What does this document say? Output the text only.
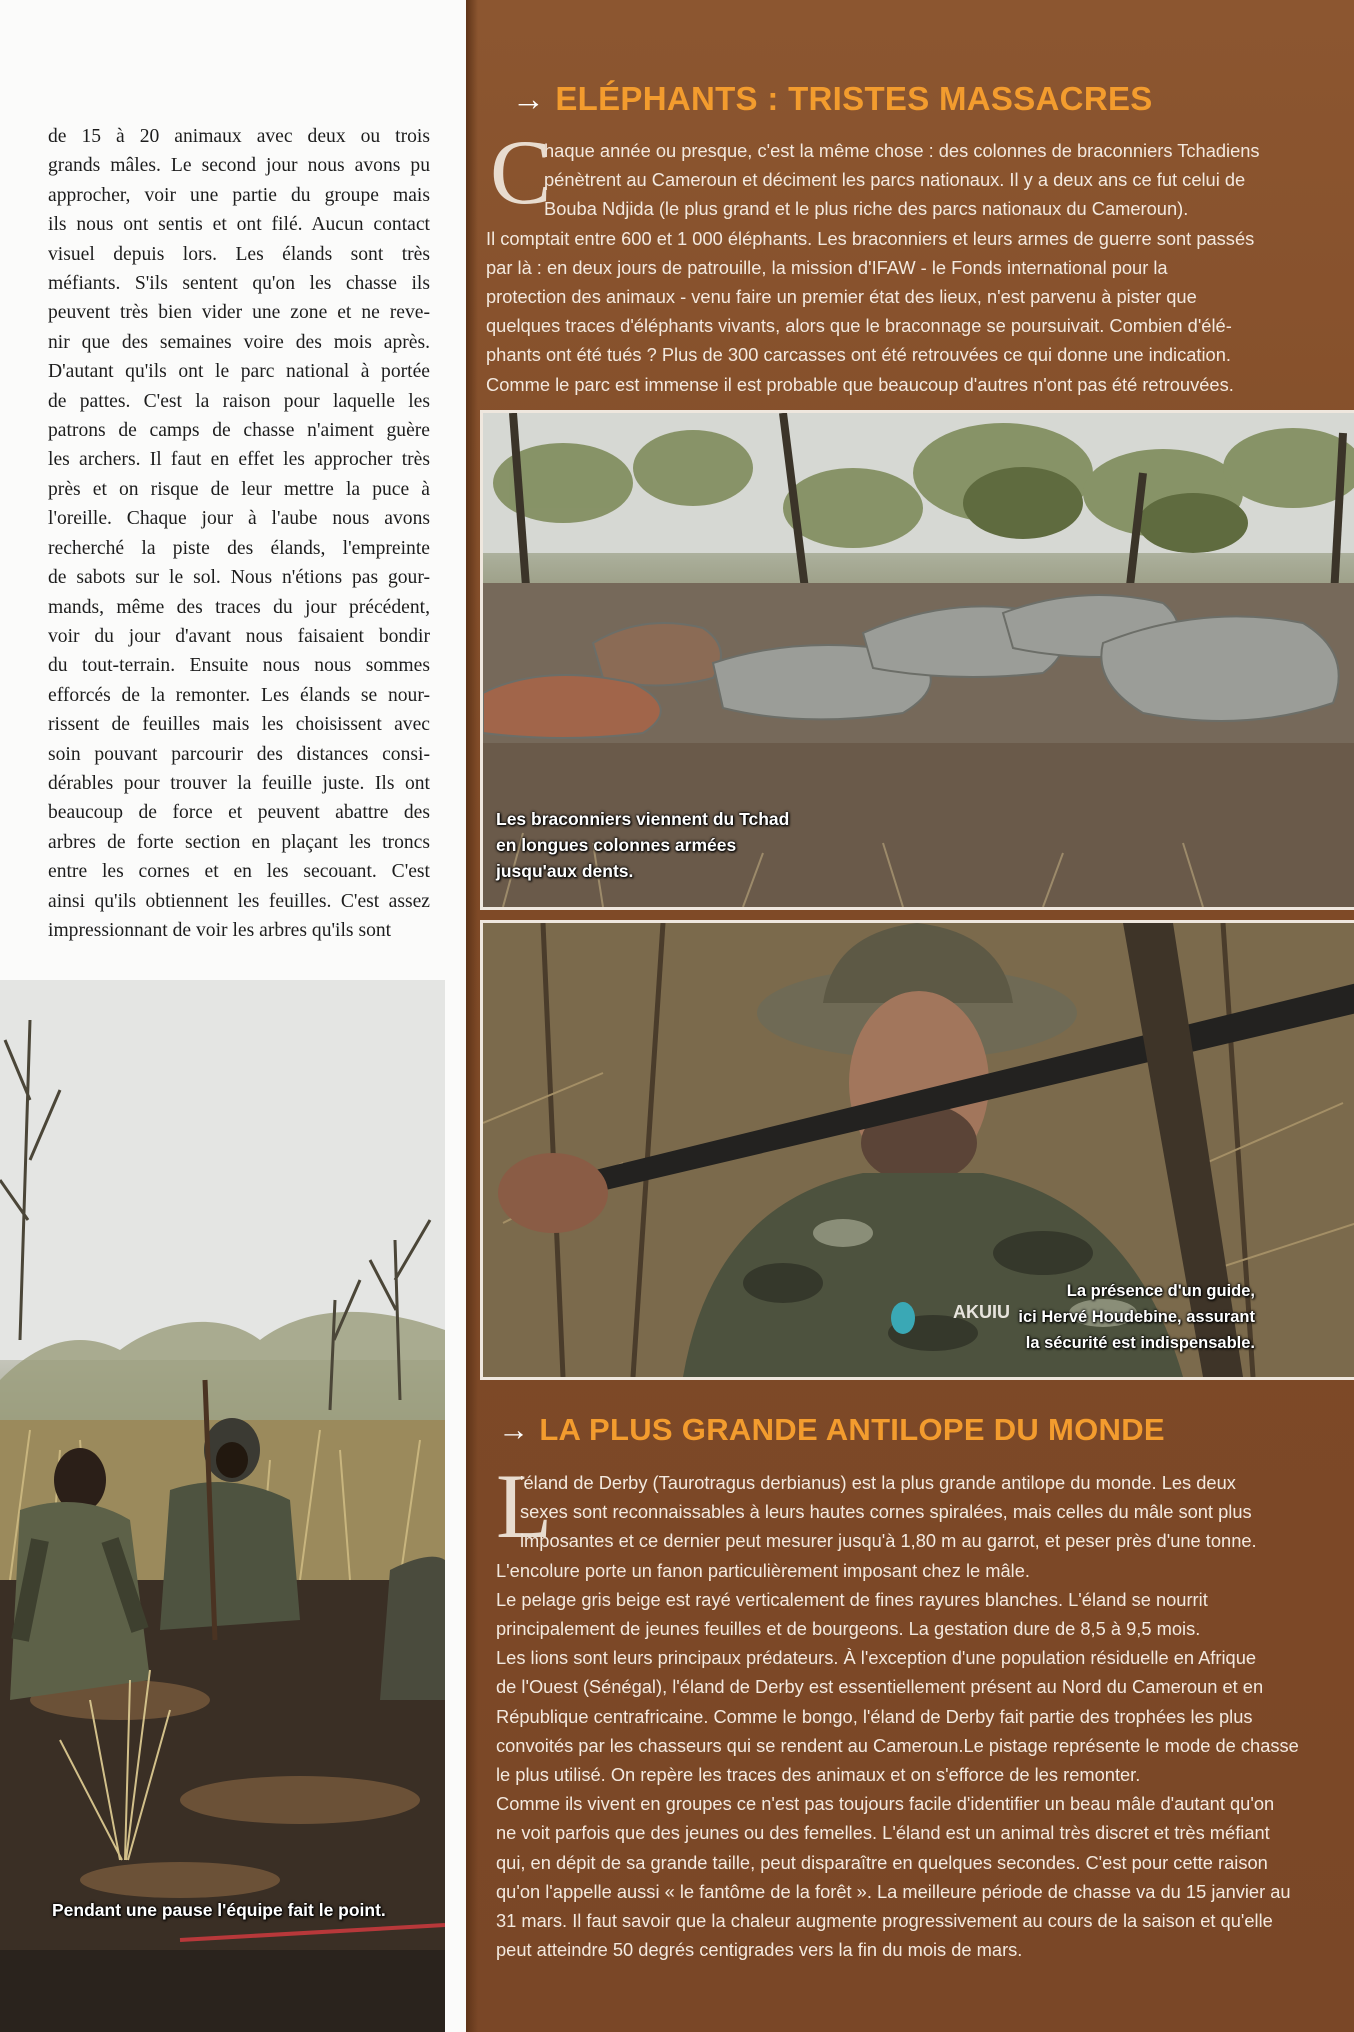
de 15 à 20 animaux avec deux ou trois
grands mâles. Le second jour nous avons pu
approcher, voir une partie du groupe mais
ils nous ont sentis et ont filé. Aucun contact
visuel depuis lors. Les élands sont très
méfiants. S'ils sentent qu'on les chasse ils
peuvent très bien vider une zone et ne reve-
nir que des semaines voire des mois après.
D'autant qu'ils ont le parc national à portée
de pattes. C'est la raison pour laquelle les
patrons de camps de chasse n'aiment guère
les archers. Il faut en effet les approcher très
près et on risque de leur mettre la puce à
l'oreille. Chaque jour à l'aube nous avons
recherché la piste des élands, l'empreinte
de sabots sur le sol. Nous n'étions pas gour-
mands, même des traces du jour précédent,
voir du jour d'avant nous faisaient bondir
du tout-terrain. Ensuite nous nous sommes
efforcés de la remonter. Les élands se nour-
rissent de feuilles mais les choisissent avec
soin pouvant parcourir des distances consi-
dérables pour trouver la feuille juste. Ils ont
beaucoup de force et peuvent abattre des
arbres de forte section en plaçant les troncs
entre les cornes et en les secouant. C'est
ainsi qu'ils obtiennent les feuilles. C'est assez
impressionnant de voir les arbres qu'ils sont
Pendant une pause l'équipe fait le point.
→ ELÉPHANTS : TRISTES MASSACRES
C
haque année ou presque, c'est la même chose : des colonnes de braconniers Tchadiens
pénètrent au Cameroun et déciment les parcs nationaux. Il y a deux ans ce fut celui de
Bouba Ndjida (le plus grand et le plus riche des parcs nationaux du Cameroun).
Il comptait entre 600 et 1 000 éléphants. Les braconniers et leurs armes de guerre sont passés
par là : en deux jours de patrouille, la mission d'IFAW - le Fonds international pour la
protection des animaux - venu faire un premier état des lieux, n'est parvenu à pister que
quelques traces d'éléphants vivants, alors que le braconnage se poursuivait. Combien d'élé-
phants ont été tués ? Plus de 300 carcasses ont été retrouvées ce qui donne une indication.
Comme le parc est immense il est probable que beaucoup d'autres n'ont pas été retrouvées.
Les braconniers viennent du Tchad
en longues colonnes armées
jusqu'aux dents.
AKUIU
La présence d'un guide,
ici Hervé Houdebine, assurant
la sécurité est indispensable.
→ LA PLUS GRANDE ANTILOPE DU MONDE
L
'éland de Derby (Taurotragus derbianus) est la plus grande antilope du monde. Les deux
sexes sont reconnaissables à leurs hautes cornes spiralées, mais celles du mâle sont plus
imposantes et ce dernier peut mesurer jusqu'à 1,80 m au garrot, et peser près d'une tonne.
L'encolure porte un fanon particulièrement imposant chez le mâle.
Le pelage gris beige est rayé verticalement de fines rayures blanches. L'éland se nourrit
principalement de jeunes feuilles et de bourgeons. La gestation dure de 8,5 à 9,5 mois.
Les lions sont leurs principaux prédateurs. À l'exception d'une population résiduelle en Afrique
de l'Ouest (Sénégal), l'éland de Derby est essentiellement présent au Nord du Cameroun et en
République centrafricaine. Comme le bongo, l'éland de Derby fait partie des trophées les plus
convoités par les chasseurs qui se rendent au Cameroun.Le pistage représente le mode de chasse
le plus utilisé. On repère les traces des animaux et on s'efforce de les remonter.
Comme ils vivent en groupes ce n'est pas toujours facile d'identifier un beau mâle d'autant qu'on
ne voit parfois que des jeunes ou des femelles. L'éland est un animal très discret et très méfiant
qui, en dépit de sa grande taille, peut disparaître en quelques secondes. C'est pour cette raison
qu'on l'appelle aussi « le fantôme de la forêt ». La meilleure période de chasse va du 15 janvier au
31 mars. Il faut savoir que la chaleur augmente progressivement au cours de la saison et qu'elle
peut atteindre 50 degrés centigrades vers la fin du mois de mars.
